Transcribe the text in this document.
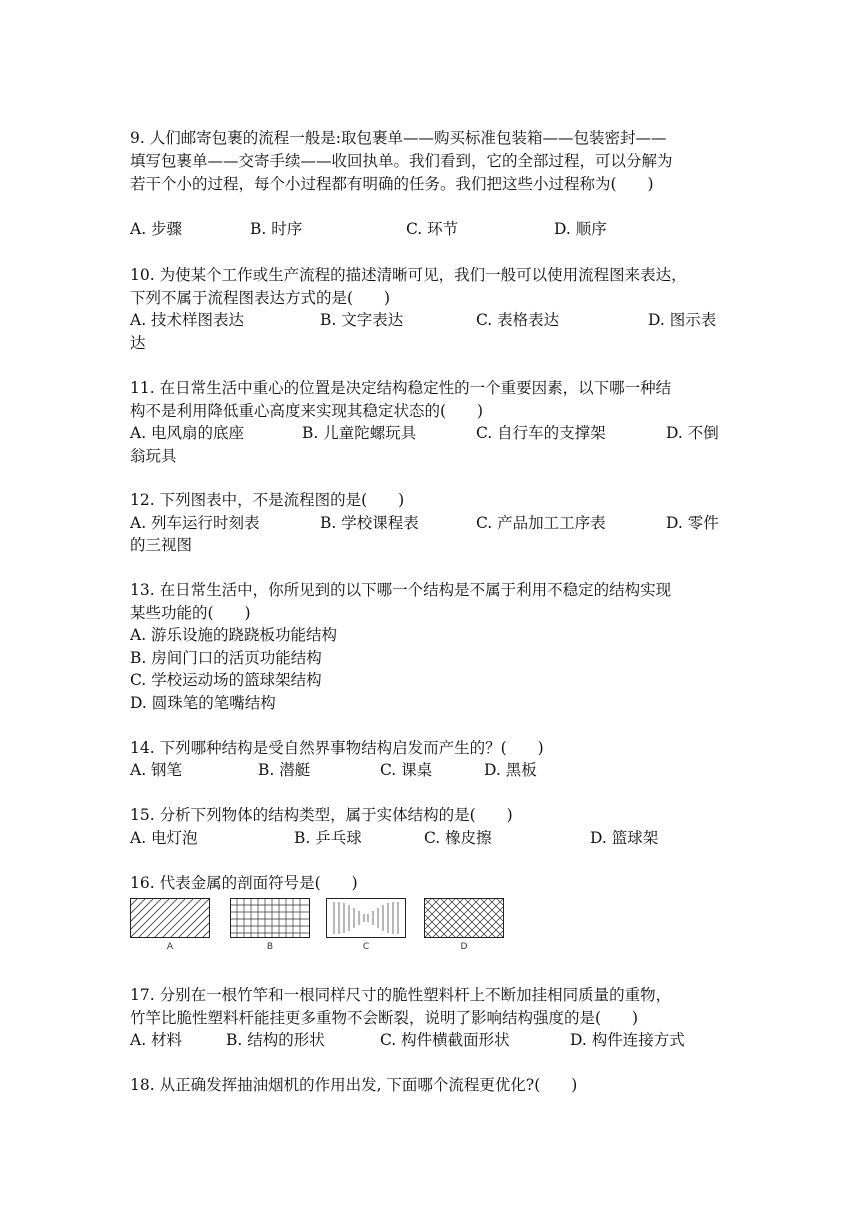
9. 人们邮寄包裹的流程一般是:取包裹单——购买标准包装箱——包装密封——
填写包裹单——交寄手续——收回执单。我们看到，它的全部过程，可以分解为
若干个小的过程，每个小过程都有明确的任务。我们把这些小过程称为(　　)
A. 步骤	B. 时序	C. 环节	D. 顺序
10. 为使某个工作或生产流程的描述清晰可见，我们一般可以使用流程图来表达，
下列不属于流程图表达方式的是(　　)
A. 技术样图表达	B. 文字表达	C. 表格表达	D. 图示表
达
11. 在日常生活中重心的位置是决定结构稳定性的一个重要因素，以下哪一种结
构不是利用降低重心高度来实现其稳定状态的(　　)
A. 电风扇的底座	B. 儿童陀螺玩具	C. 自行车的支撑架	D. 不倒
翁玩具
12. 下列图表中，不是流程图的是(　　)
A. 列车运行时刻表	B. 学校课程表	C. 产品加工工序表	D. 零件
的三视图
13. 在日常生活中，你所见到的以下哪一个结构是不属于利用不稳定的结构实现
某些功能的(　　)
A. 游乐设施的跷跷板功能结构
B. 房间门口的活页功能结构
C. 学校运动场的篮球架结构
D. 圆珠笔的笔嘴结构
14. 下列哪种结构是受自然界事物结构启发而产生的？(　　)
A. 钢笔	B. 潜艇	C. 课桌	D. 黑板
15. 分析下列物体的结构类型，属于实体结构的是(　　)
A. 电灯泡	B. 乒乓球	C. 橡皮擦	D. 篮球架
16. 代表金属的剖面符号是(　　)
A	B	C	D
17. 分别在一根竹竿和一根同样尺寸的脆性塑料杆上不断加挂相同质量的重物，
竹竿比脆性塑料杆能挂更多重物不会断裂，说明了影响结构强度的是(　　)
A. 材料	B. 结构的形状	C. 构件横截面形状	D. 构件连接方式
18. 从正确发挥抽油烟机的作用出发, 下面哪个流程更优化?(　　)
